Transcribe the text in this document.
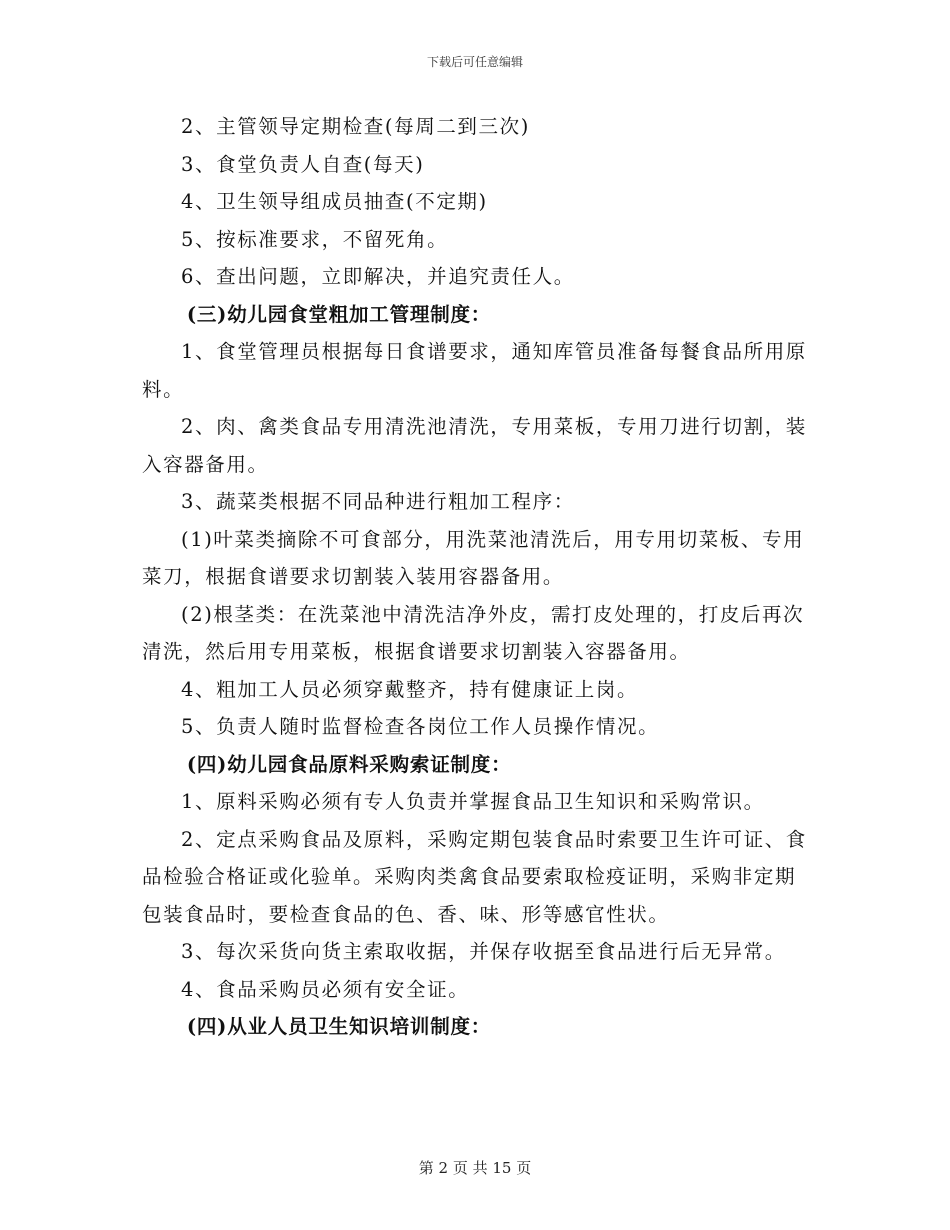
下载后可任意编辑

2、主管领导定期检查(每周二到三次)

3、食堂负责人自查(每天)

4、卫生领导组成员抽查(不定期)

5、按标准要求，不留死角。

6、查出问题，立即解决，并追究责任人。

(三)幼儿园食堂粗加工管理制度：

1、食堂管理员根据每日食谱要求，通知库管员准备每餐食品所用原料。

2、肉、禽类食品专用清洗池清洗，专用菜板，专用刀进行切割，装入容器备用。

3、蔬菜类根据不同品种进行粗加工程序：

(1)叶菜类摘除不可食部分，用洗菜池清洗后，用专用切菜板、专用菜刀，根据食谱要求切割装入装用容器备用。

(2)根茎类：在洗菜池中清洗洁净外皮，需打皮处理的，打皮后再次清洗，然后用专用菜板，根据食谱要求切割装入容器备用。

4、粗加工人员必须穿戴整齐，持有健康证上岗。

5、负责人随时监督检查各岗位工作人员操作情况。

(四)幼儿园食品原料采购索证制度：

1、原料采购必须有专人负责并掌握食品卫生知识和采购常识。

2、定点采购食品及原料，采购定期包装食品时索要卫生许可证、食品检验合格证或化验单。采购肉类禽食品要索取检疫证明，采购非定期包装食品时，要检查食品的色、香、味、形等感官性状。

3、每次采货向货主索取收据，并保存收据至食品进行后无异常。

4、食品采购员必须有安全证。

(四)从业人员卫生知识培训制度：

第 2 页 共 15 页
